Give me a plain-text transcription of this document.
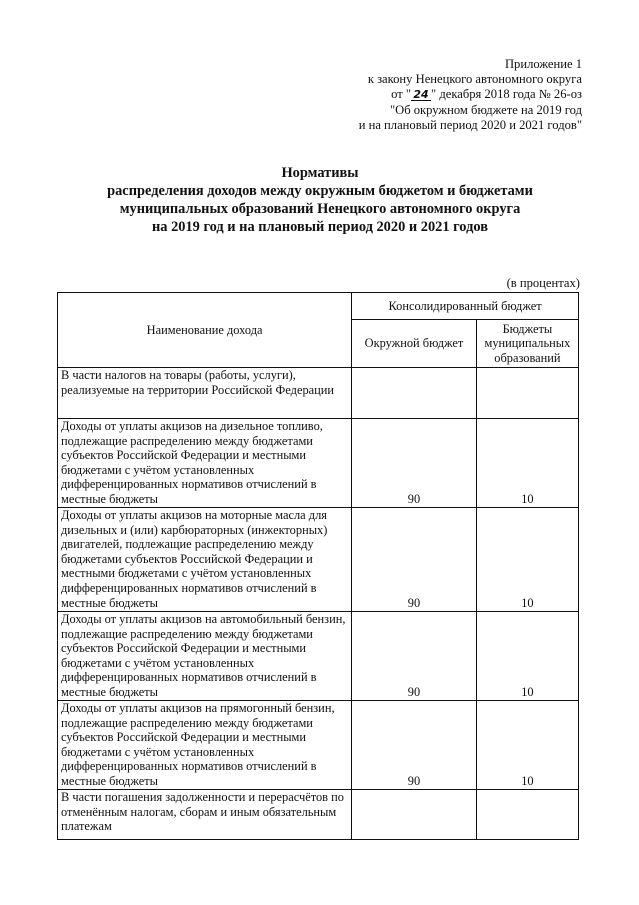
Приложение 1
к закону Ненецкого автономного округа
от " 24 " декабря 2018 года № 26-оз
"Об окружном бюджете на 2019 год
и на плановый период 2020 и 2021 годов"
Нормативы
распределения доходов между окружным бюджетом и бюджетами
муниципальных образований Ненецкого автономного округа
на 2019 год и на плановый период 2020 и 2021 годов
(в процентах)
Наименование дохода	Консолидированный бюджет	
	Окружной бюджет	Бюджеты муниципальных образований
В части налогов на товары (работы, услуги), реализуемые на территории Российской Федерации		
Доходы от уплаты акцизов на дизельное топливо, подлежащие распределению между бюджетами субъектов Российской Федерации и местными бюджетами с учётом установленных дифференцированных нормативов отчислений в местные бюджеты	90	10
Доходы от уплаты акцизов на моторные масла для дизельных и (или) карбюраторных (инжекторных) двигателей, подлежащие распределению между бюджетами субъектов Российской Федерации и местными бюджетами с учётом установленных дифференцированных нормативов отчислений в местные бюджеты	90	10
Доходы от уплаты акцизов на автомобильный бензин, подлежащие распределению между бюджетами субъектов Российской Федерации и местными бюджетами с учётом установленных дифференцированных нормативов отчислений в местные бюджеты	90	10
Доходы от уплаты акцизов на прямогонный бензин, подлежащие распределению между бюджетами субъектов Российской Федерации и местными бюджетами с учётом установленных дифференцированных нормативов отчислений в местные бюджеты	90	10
В части погашения задолженности и перерасчётов по отменённым налогам, сборам и иным обязательным платежам		
